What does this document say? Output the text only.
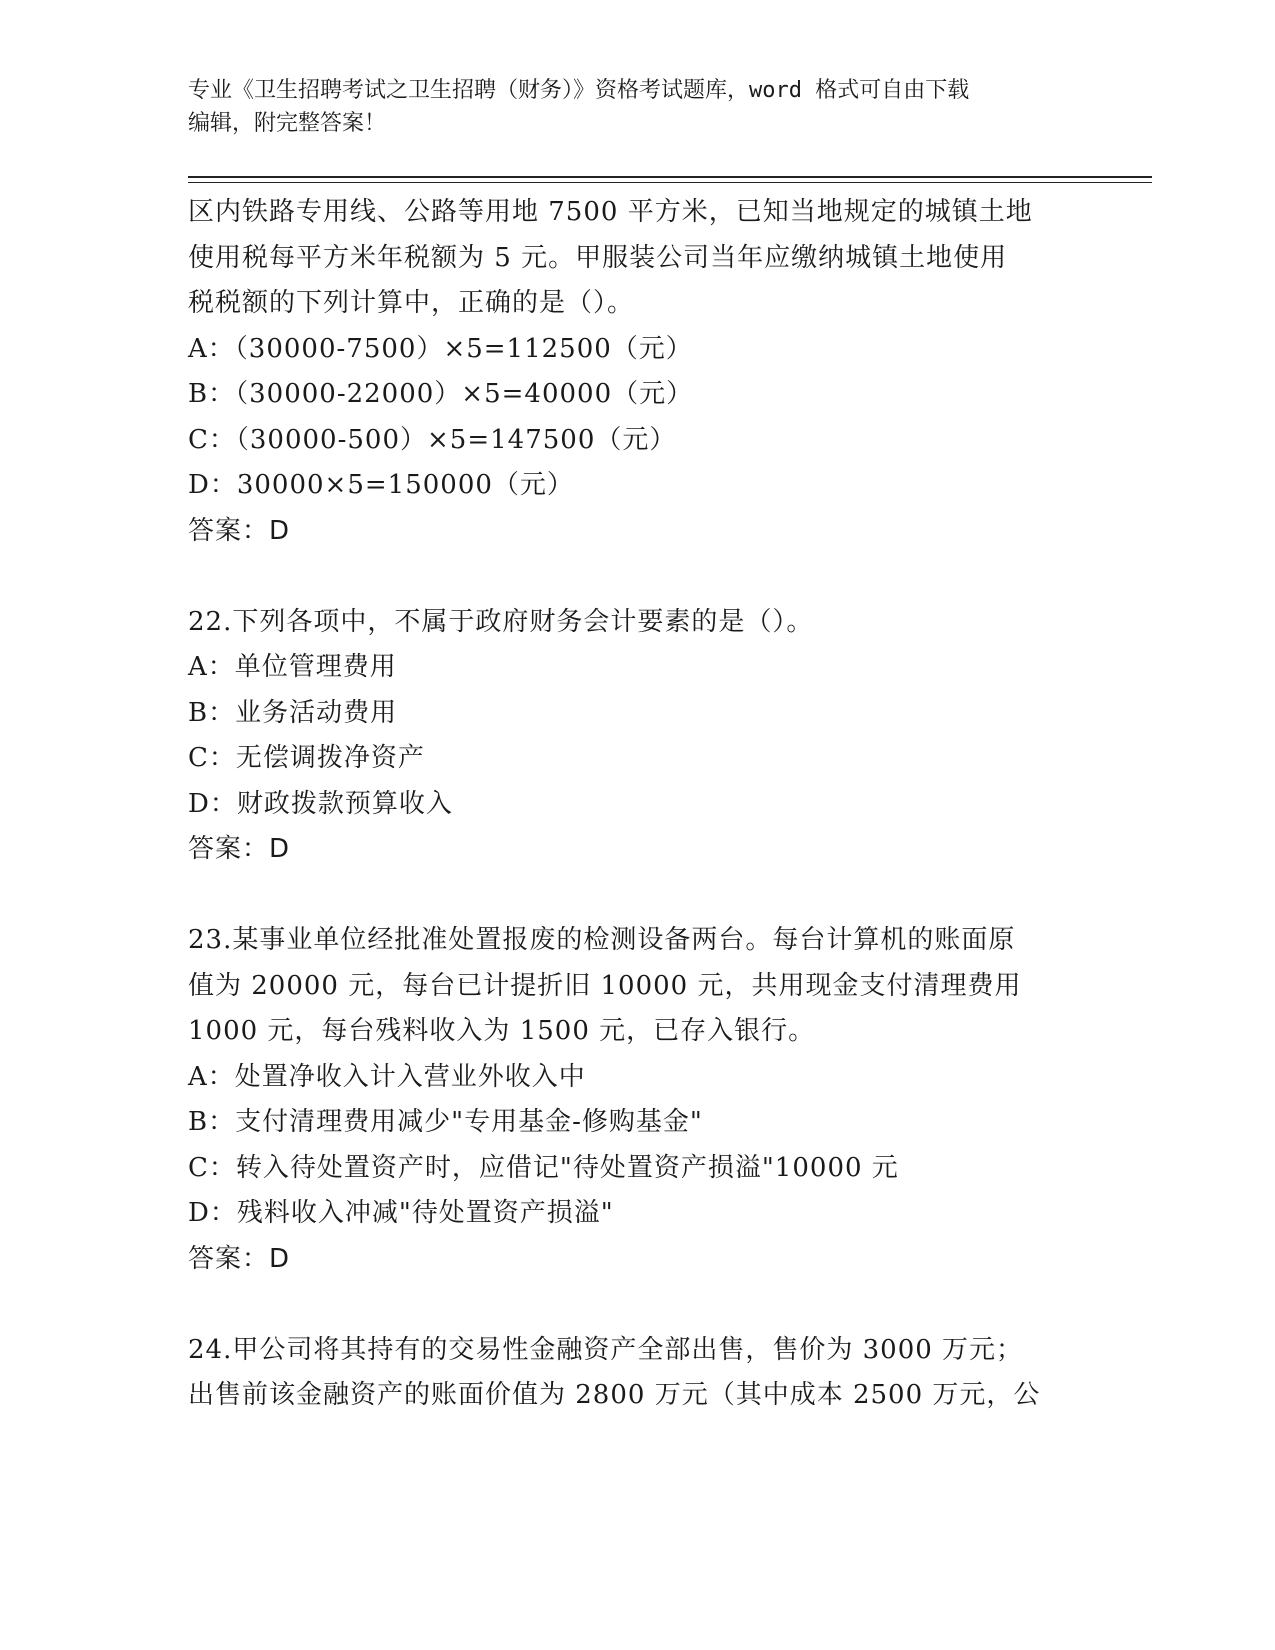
专业《卫生招聘考试之卫生招聘（财务）》资格考试题库，word 格式可自由下载
编辑，附完整答案！
区内铁路专用线、公路等用地 7500 平方米，已知当地规定的城镇土地
使用税每平方米年税额为 5 元。甲服装公司当年应缴纳城镇土地使用
税税额的下列计算中，正确的是（）。
A：（30000-7500）×5=112500（元）
B：（30000-22000）×5=40000（元）
C：（30000-500）×5=147500（元）
D：30000×5=150000（元）
答案：D
22.下列各项中，不属于政府财务会计要素的是（）。
A：单位管理费用
B：业务活动费用
C：无偿调拨净资产
D：财政拨款预算收入
答案：D
23.某事业单位经批准处置报废的检测设备两台。每台计算机的账面原
值为 20000 元，每台已计提折旧 10000 元，共用现金支付清理费用
1000 元，每台残料收入为 1500 元，已存入银行。
A：处置净收入计入营业外收入中
B：支付清理费用减少"专用基金-修购基金"
C：转入待处置资产时，应借记"待处置资产损溢"10000 元
D：残料收入冲减"待处置资产损溢"
答案：D
24.甲公司将其持有的交易性金融资产全部出售，售价为 3000 万元；
出售前该金融资产的账面价值为 2800 万元（其中成本 2500 万元，公
